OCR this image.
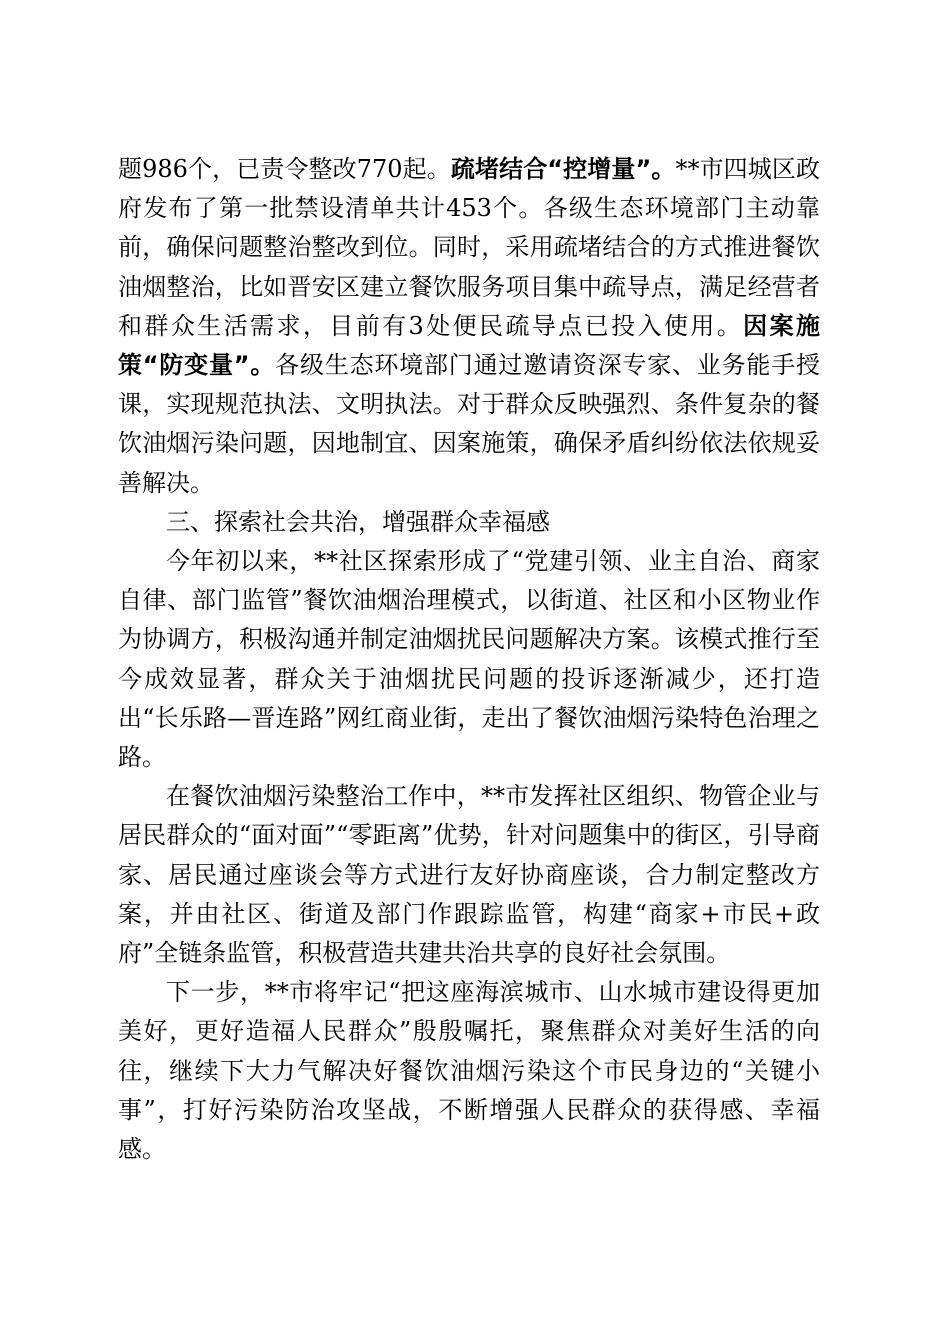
题986个，已责令整改770起。疏堵结合“控增量”。**市四城区政府发布了第一批禁设清单共计453个。各级生态环境部门主动靠前，确保问题整治整改到位。同时，采用疏堵结合的方式推进餐饮油烟整治，比如晋安区建立餐饮服务项目集中疏导点，满足经营者和群众生活需求，目前有3处便民疏导点已投入使用。因案施策“防变量”。各级生态环境部门通过邀请资深专家、业务能手授课，实现规范执法、文明执法。对于群众反映强烈、条件复杂的餐饮油烟污染问题，因地制宜、因案施策，确保矛盾纠纷依法依规妥善解决。

三、探索社会共治，增强群众幸福感

今年初以来，**社区探索形成了“党建引领、业主自治、商家自律、部门监管”餐饮油烟治理模式，以街道、社区和小区物业作为协调方，积极沟通并制定油烟扰民问题解决方案。该模式推行至今成效显著，群众关于油烟扰民问题的投诉逐渐减少，还打造出“长乐路—晋连路”网红商业街，走出了餐饮油烟污染特色治理之路。

在餐饮油烟污染整治工作中，**市发挥社区组织、物管企业与居民群众的“面对面”“零距离”优势，针对问题集中的街区，引导商家、居民通过座谈会等方式进行友好协商座谈，合力制定整改方案，并由社区、街道及部门作跟踪监管，构建“商家+市民+政府”全链条监管，积极营造共建共治共享的良好社会氛围。

下一步，**市将牢记“把这座海滨城市、山水城市建设得更加美好，更好造福人民群众”殷殷嘱托，聚焦群众对美好生活的向往，继续下大力气解决好餐饮油烟污染这个市民身边的“关键小事”，打好污染防治攻坚战，不断增强人民群众的获得感、幸福感。
